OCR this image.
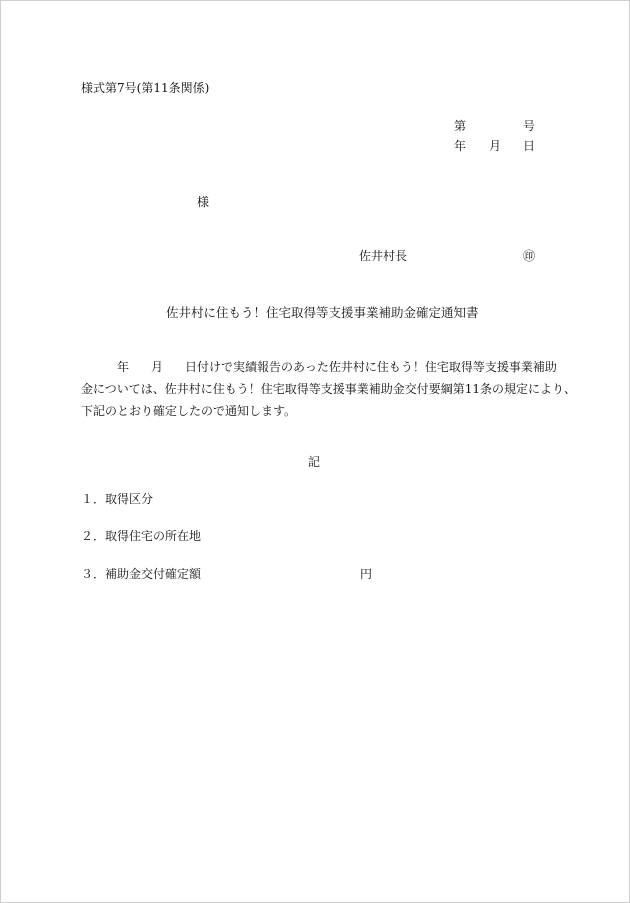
様式第7号(第11条関係)
第	号
年 月 日
様
佐井村長	㊞
佐井村に住もう！住宅取得等支援事業補助金確定通知書
年 月 日付けで実績報告のあった佐井村に住もう！住宅取得等支援事業補助
金については、佐井村に住もう！住宅取得等支援事業補助金交付要綱第11条の規定により、
下記のとおり確定したので通知します。
記
１．取得区分
２．取得住宅の所在地
３．補助金交付確定額	円
